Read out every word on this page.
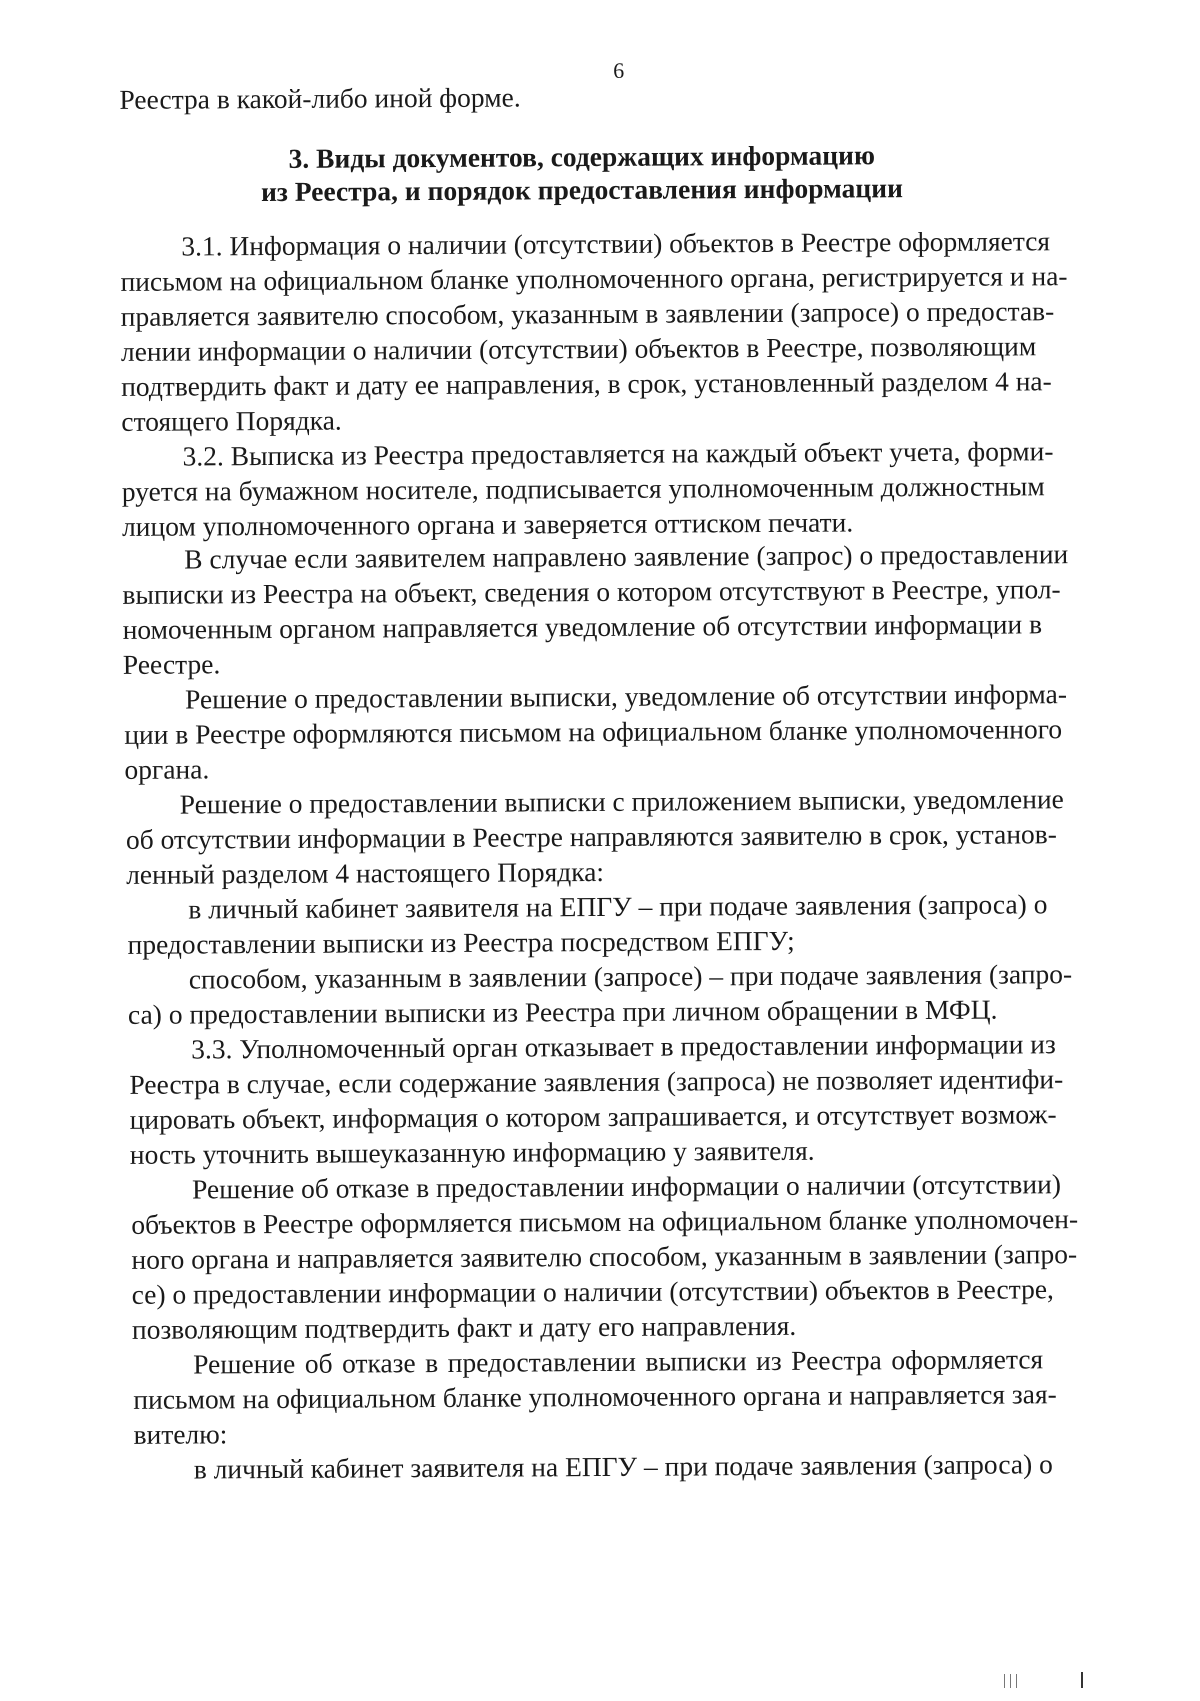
6
Реестра в какой-либо иной форме.
3. Виды документов, содержащих информацию
из Реестра, и порядок предоставления информации
3.1. Информация о наличии (отсутствии) объектов в Реестре оформляется
письмом на официальном бланке уполномоченного органа, регистрируется и на-
правляется заявителю способом, указанным в заявлении (запросе) о предостав-
лении информации о наличии (отсутствии) объектов в Реестре, позволяющим
подтвердить факт и дату ее направления, в срок, установленный разделом 4 на-
стоящего Порядка.
3.2. Выписка из Реестра предоставляется на каждый объект учета, форми-
руется на бумажном носителе, подписывается уполномоченным должностным
лицом уполномоченного органа и заверяется оттиском печати.
В случае если заявителем направлено заявление (запрос) о предоставлении
выписки из Реестра на объект, сведения о котором отсутствуют в Реестре, упол-
номоченным органом направляется уведомление об отсутствии информации в
Реестре.
Решение о предоставлении выписки, уведомление об отсутствии информа-
ции в Реестре оформляются письмом на официальном бланке уполномоченного
органа.
Решение о предоставлении выписки с приложением выписки, уведомление
об отсутствии информации в Реестре направляются заявителю в срок, установ-
ленный разделом 4 настоящего Порядка:
в личный кабинет заявителя на ЕПГУ – при подаче заявления (запроса) о
предоставлении выписки из Реестра посредством ЕПГУ;
способом, указанным в заявлении (запросе) – при подаче заявления (запро-
са) о предоставлении выписки из Реестра при личном обращении в МФЦ.
3.3. Уполномоченный орган отказывает в предоставлении информации из
Реестра в случае, если содержание заявления (запроса) не позволяет идентифи-
цировать объект, информация о котором запрашивается, и отсутствует возмож-
ность уточнить вышеуказанную информацию у заявителя.
Решение об отказе в предоставлении информации о наличии (отсутствии)
объектов в Реестре оформляется письмом на официальном бланке уполномочен-
ного органа и направляется заявителю способом, указанным в заявлении (запро-
се) о предоставлении информации о наличии (отсутствии) объектов в Реестре,
позволяющим подтвердить факт и дату его направления.
Решение об отказе в предоставлении выписки из Реестра оформляется
письмом на официальном бланке уполномоченного органа и направляется зая-
вителю:
в личный кабинет заявителя на ЕПГУ – при подаче заявления (запроса) о
